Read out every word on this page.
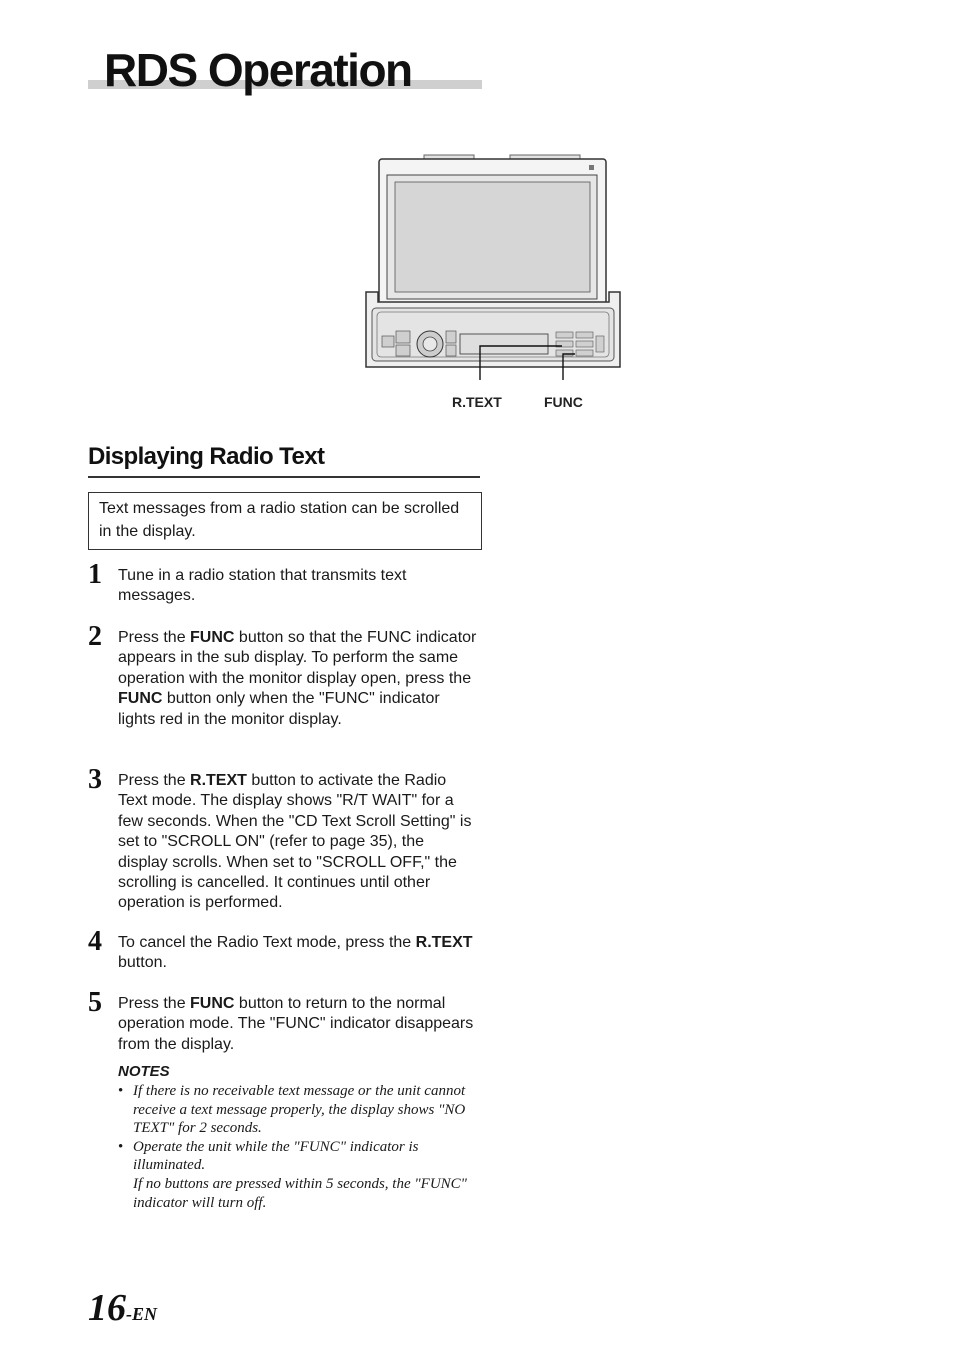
RDS Operation
R.TEXT	FUNC
Displaying Radio Text
Text messages from a radio station can be scrolled in the display.
1 Tune in a radio station that transmits text messages.
2 Press the FUNC button so that the FUNC indicator appears in the sub display. To perform the same operation with the monitor display open, press the FUNC button only when the "FUNC" indicator lights red in the monitor display.
3 Press the R.TEXT button to activate the Radio Text mode. The display shows "R/T WAIT" for a few seconds. When the "CD Text Scroll Setting" is set to "SCROLL ON" (refer to page 35), the display scrolls. When set to "SCROLL OFF," the scrolling is cancelled. It continues until other operation is performed.
4 To cancel the Radio Text mode, press the R.TEXT button.
5 Press the FUNC button to return to the normal operation mode. The "FUNC" indicator disappears from the display.
NOTES
• If there is no receivable text message or the unit cannot receive a text message properly, the display shows "NO TEXT" for 2 seconds.
• Operate the unit while the "FUNC" indicator is illuminated.
If no buttons are pressed within 5 seconds, the "FUNC" indicator will turn off.
16-EN
